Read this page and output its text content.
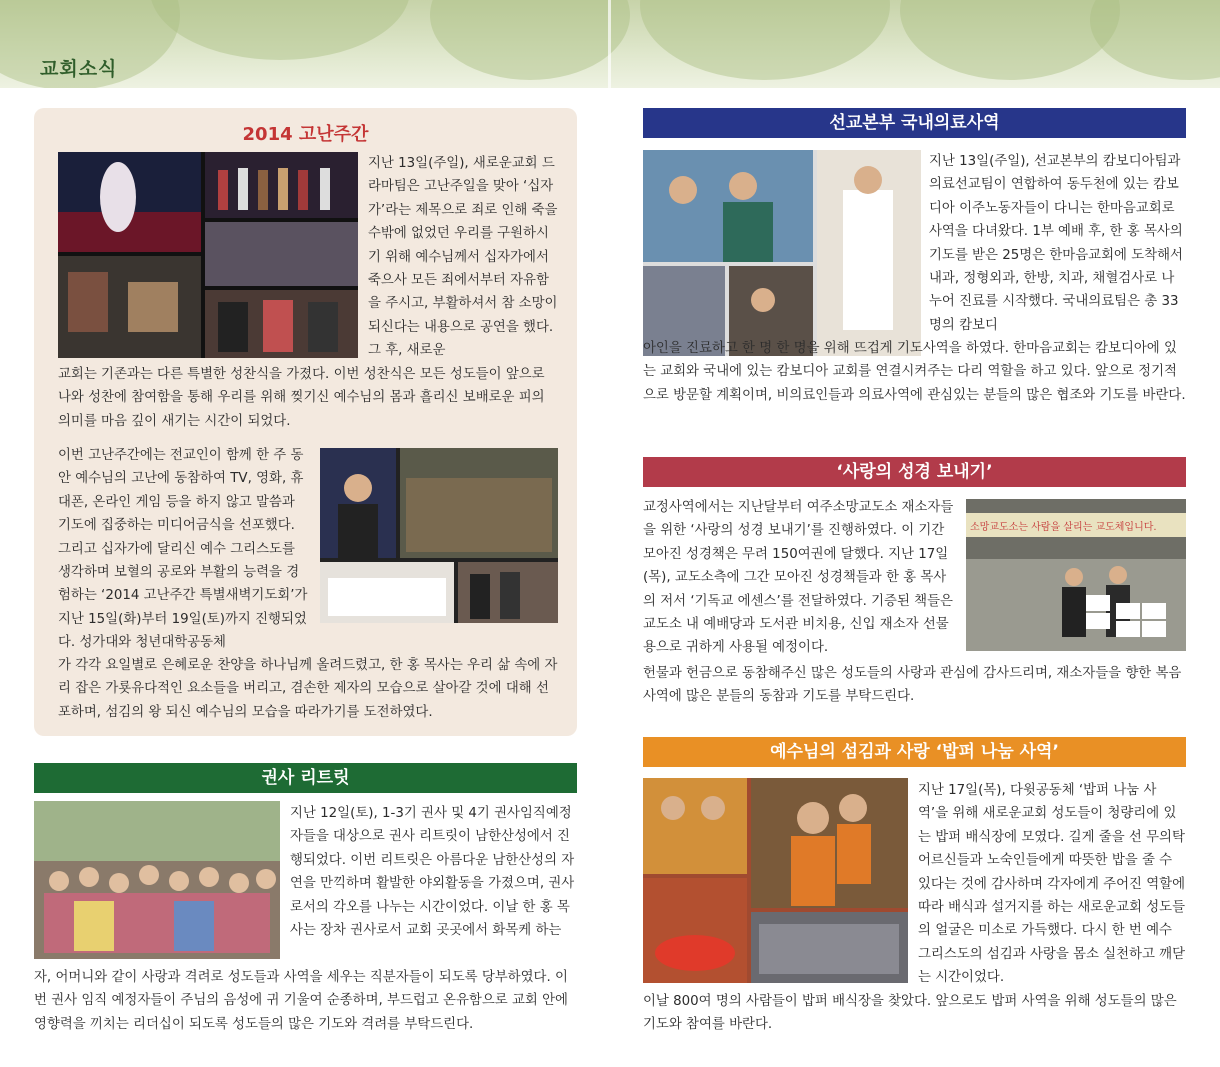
교회소식
2014 고난주간
지난 13일(주일), 새로운교회 드라마팀은 고난주일을 맞아 ‘십자가’라는 제목으로 죄로 인해 죽을 수밖에 없었던 우리를 구원하시기 위해 예수님께서 십자가에서 죽으사 모든 죄에서부터 자유함을 주시고, 부활하셔서 참 소망이 되신다는 내용으로 공연을 했다. 그 후, 새로운
교회는 기존과는 다른 특별한 성찬식을 가졌다. 이번 성찬식은 모든 성도들이 앞으로 나와 성찬에 참여함을 통해 우리를 위해 찢기신 예수님의 몸과 흘리신 보배로운 피의 의미를 마음 깊이 새기는 시간이 되었다.
이번 고난주간에는 전교인이 함께 한 주 동안 예수님의 고난에 동참하여 TV, 영화, 휴대폰, 온라인 게임 등을 하지 않고 말씀과 기도에 집중하는 미디어금식을 선포했다. 그리고 십자가에 달리신 예수 그리스도를 생각하며 보혈의 공로와 부활의 능력을 경험하는 ‘2014 고난주간 특별새벽기도회’가 지난 15일(화)부터 19일(토)까지 진행되었다. 성가대와 청년대학공동체
가 각각 요일별로 은혜로운 찬양을 하나님께 올려드렸고, 한 홍 목사는 우리 삶 속에 자리 잡은 가룟유다적인 요소들을 버리고, 겸손한 제자의 모습으로 살아갈 것에 대해 선포하며, 섬김의 왕 되신 예수님의 모습을 따라가기를 도전하였다.
권사 리트릿
지난 12일(토), 1-3기 권사 및 4기 권사임직예정자들을 대상으로 권사 리트릿이 남한산성에서 진행되었다. 이번 리트릿은 아름다운 남한산성의 자연을 만끽하며 활발한 야외활동을 가졌으며, 권사로서의 각오를 나누는 시간이었다. 이날 한 홍 목사는 장차 권사로서 교회 곳곳에서 화목케 하는
자, 어머니와 같이 사랑과 격려로 성도들과 사역을 세우는 직분자들이 되도록 당부하였다. 이번 권사 임직 예정자들이 주님의 음성에 귀 기울여 순종하며, 부드럽고 온유함으로 교회 안에 영향력을 끼치는 리더십이 되도록 성도들의 많은 기도와 격려를 부탁드린다.
선교본부 국내의료사역
지난 13일(주일), 선교본부의 캄보디아팀과 의료선교팀이 연합하여 동두천에 있는 캄보디아 이주노동자들이 다니는 한마음교회로 사역을 다녀왔다. 1부 예배 후, 한 홍 목사의 기도를 받은 25명은 한마음교회에 도착해서 내과, 정형외과, 한방, 치과, 채혈검사로 나누어 진료를 시작했다. 국내의료팀은 총 33명의 캄보디
아인을 진료하고 한 명 한 명을 위해 뜨겁게 기도사역을 하였다. 한마음교회는 캄보디아에 있는 교회와 국내에 있는 캄보디아 교회를 연결시켜주는 다리 역할을 하고 있다. 앞으로 정기적으로 방문할 계획이며, 비의료인들과 의료사역에 관심있는 분들의 많은 협조와 기도를 바란다.
‘사랑의 성경 보내기’
교정사역에서는 지난달부터 여주소망교도소 재소자들을 위한 ‘사랑의 성경 보내기’를 진행하였다. 이 기간 모아진 성경책은 무려 150여권에 달했다. 지난 17일(목), 교도소측에 그간 모아진 성경책들과 한 홍 목사의 저서 ‘기독교 에센스’를 전달하였다. 기증된 책들은 교도소 내 예배당과 도서관 비치용, 신입 재소자 선물용으로 귀하게 사용될 예정이다.
소망교도소는 사람을 살리는 교도체입니다.
헌물과 헌금으로 동참해주신 많은 성도들의 사랑과 관심에 감사드리며, 재소자들을 향한 복음 사역에 많은 분들의 동참과 기도를 부탁드린다.
예수님의 섬김과 사랑 ‘밥퍼 나눔 사역’
지난 17일(목), 다윗공동체 ‘밥퍼 나눔 사역’을 위해 새로운교회 성도들이 청량리에 있는 밥퍼 배식장에 모였다. 길게 줄을 선 무의탁 어르신들과 노숙인들에게 따뜻한 밥을 줄 수 있다는 것에 감사하며 각자에게 주어진 역할에 따라 배식과 설거지를 하는 새로운교회 성도들의 얼굴은 미소로 가득했다. 다시 한 번 예수 그리스도의 섬김과 사랑을 몸소 실천하고 깨닫는 시간이었다.
이날 800여 명의 사람들이 밥퍼 배식장을 찾았다. 앞으로도 밥퍼 사역을 위해 성도들의 많은 기도와 참여를 바란다.
